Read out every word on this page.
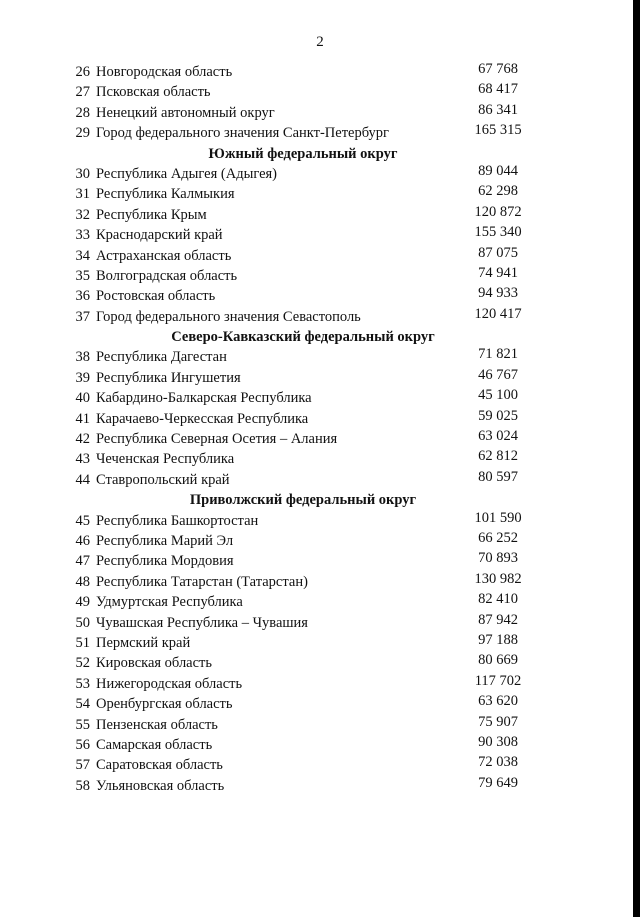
2
26 Новгородская область	67 768
27 Псковская область	68 417
28 Ненецкий автономный округ	86 341
29 Город федерального значения Санкт-Петербург	165 315
Южный федеральный округ
30 Республика Адыгея (Адыгея)	89 044
31 Республика Калмыкия	62 298
32 Республика Крым	120 872
33 Краснодарский край	155 340
34 Астраханская область	87 075
35 Волгоградская область	74 941
36 Ростовская область	94 933
37 Город федерального значения Севастополь	120 417
Северо-Кавказский федеральный округ
38 Республика Дагестан	71 821
39 Республика Ингушетия	46 767
40 Кабардино-Балкарская Республика	45 100
41 Карачаево-Черкесская Республика	59 025
42 Республика Северная Осетия – Алания	63 024
43 Чеченская Республика	62 812
44 Ставропольский край	80 597
Приволжский федеральный округ
45 Республика Башкортостан	101 590
46 Республика Марий Эл	66 252
47 Республика Мордовия	70 893
48 Республика Татарстан (Татарстан)	130 982
49 Удмуртская Республика	82 410
50 Чувашская Республика – Чувашия	87 942
51 Пермский край	97 188
52 Кировская область	80 669
53 Нижегородская область	117 702
54 Оренбургская область	63 620
55 Пензенская область	75 907
56 Самарская область	90 308
57 Саратовская область	72 038
58 Ульяновская область	79 649
